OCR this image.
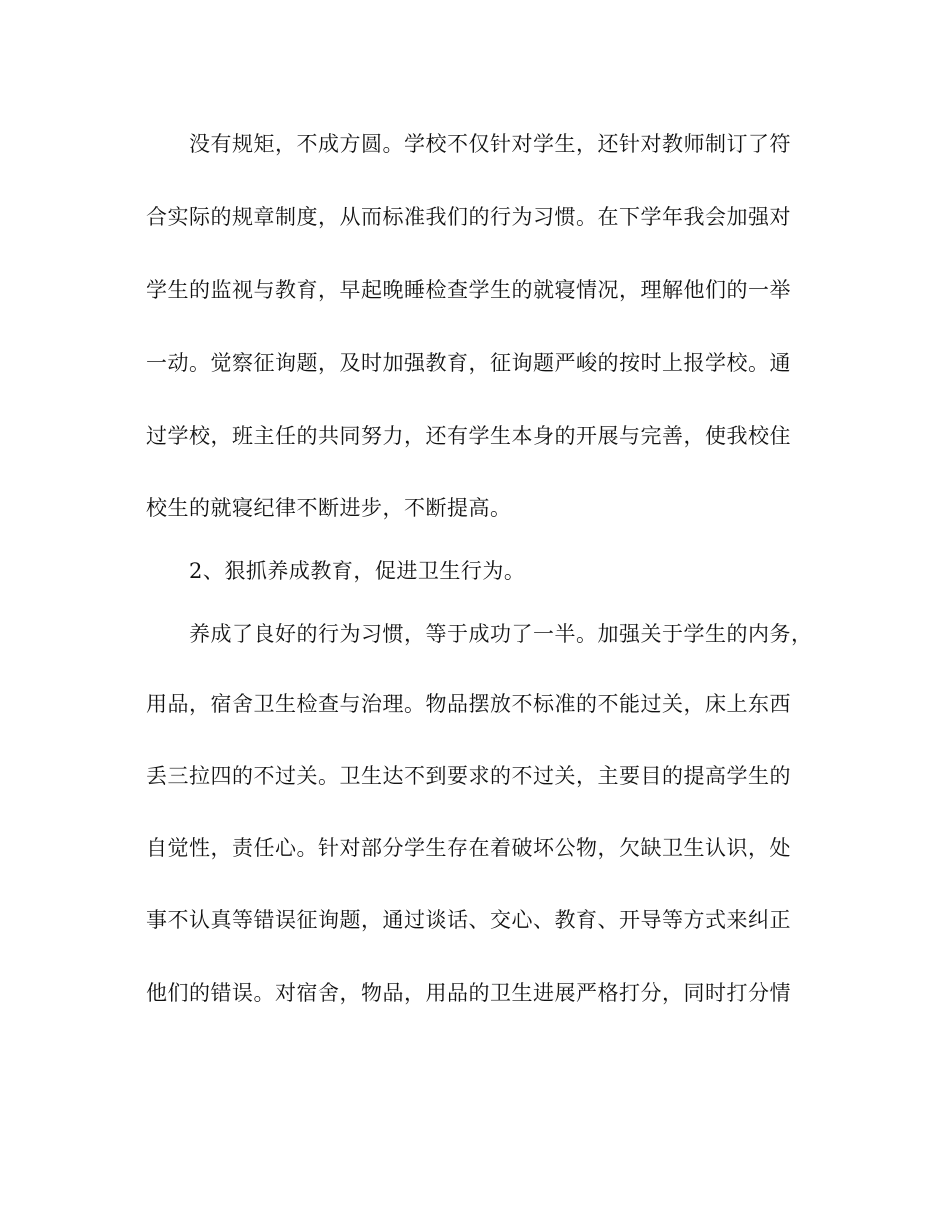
没有规矩，不成方圆。学校不仅针对学生，还针对教师制订了符
合实际的规章制度，从而标准我们的行为习惯。在下学年我会加强对
学生的监视与教育，早起晚睡检查学生的就寝情况，理解他们的一举
一动。觉察征询题，及时加强教育，征询题严峻的按时上报学校。通
过学校，班主任的共同努力，还有学生本身的开展与完善，使我校住
校生的就寝纪律不断进步，不断提高。
2、狠抓养成教育，促进卫生行为。
养成了良好的行为习惯，等于成功了一半。加强关于学生的内务，
用品，宿舍卫生检查与治理。物品摆放不标准的不能过关，床上东西
丢三拉四的不过关。卫生达不到要求的不过关，主要目的提高学生的
自觉性，责任心。针对部分学生存在着破坏公物，欠缺卫生认识，处
事不认真等错误征询题，通过谈话、交心、教育、开导等方式来纠正
他们的错误。对宿舍，物品，用品的卫生进展严格打分，同时打分情
